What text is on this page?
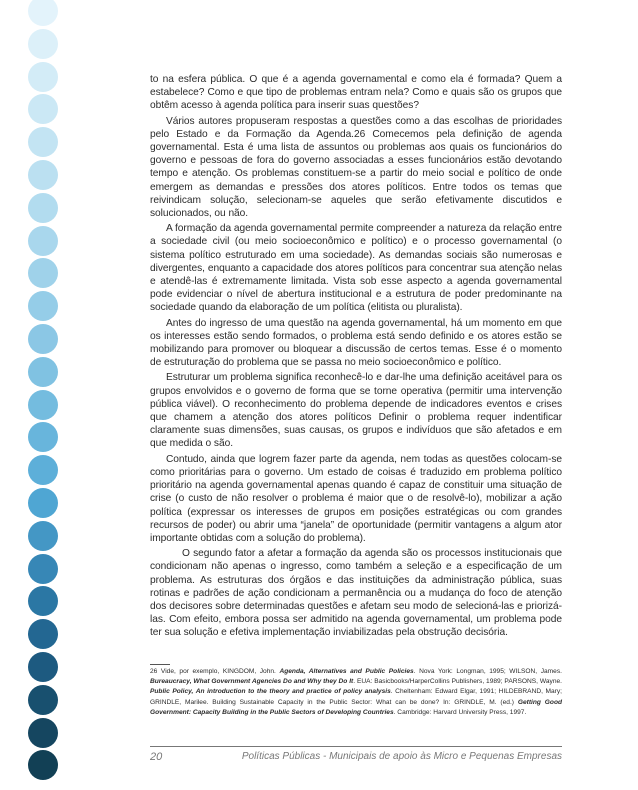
to na esfera pública. O que é a agenda governamental e como ela é formada? Quem a estabelece? Como e que tipo de problemas entram nela? Como e quais são os grupos que obtêm acesso à agenda política para inserir suas questões?

Vários autores propuseram respostas a questões como a das escolhas de prioridades pelo Estado e da Formação da Agenda.26 Comecemos pela definição de agenda governamental. Esta é uma lista de assuntos ou problemas aos quais os funcionários do governo e pessoas de fora do governo associadas a esses funcionários estão devotando tempo e atenção. Os problemas constituem-se a partir do meio social e político de onde emergem as demandas e pressões dos atores políticos. Entre todos os temas que reivindicam solução, selecionam-se aqueles que serão efetivamente discutidos e solucionados, ou não.

A formação da agenda governamental permite compreender a natureza da relação entre a sociedade civil (ou meio socioeconômico e político) e o processo governamental (o sistema político estruturado em uma sociedade). As demandas sociais são numerosas e divergentes, enquanto a capacidade dos atores políticos para concentrar sua atenção nelas e atendê-las é extremamente limitada. Vista sob esse aspecto a agenda governamental pode evidenciar o nível de abertura institucional e a estrutura de poder predominante na sociedade quando da elaboração de um política (elitista ou pluralista).

Antes do ingresso de uma questão na agenda governamental, há um momento em que os interesses estão sendo formados, o problema está sendo definido e os atores estão se mobilizando para promover ou bloquear a discussão de certos temas. Esse é o momento de estruturação do problema que se passa no meio socioeconômico e político.

Estruturar um problema significa reconhecê-lo e dar-lhe uma definição aceitável para os grupos envolvidos e o governo de forma que se torne operativa (permitir uma intervenção pública viável). O reconhecimento do problema depende de indicadores eventos e crises que chamem a atenção dos atores políticos Definir o problema requer indentificar claramente suas dimensões, suas causas, os grupos e indivíduos que são afetados e em que medida o são.

Contudo, ainda que logrem fazer parte da agenda, nem todas as questões colocam-se como prioritárias para o governo. Um estado de coisas é traduzido em problema político prioritário na agenda governamental apenas quando é capaz de constituir uma situação de crise (o custo de não resolver o problema é maior que o de resolvê-lo), mobilizar a ação política (expressar os interesses de grupos em posições estratégicas ou com grandes recursos de poder) ou abrir uma “janela” de oportunidade (permitir vantagens a algum ator importante obtidas com a solução do problema).

O segundo fator a afetar a formação da agenda são os processos institucionais que condicionam não apenas o ingresso, como também a seleção e a especificação de um problema. As estruturas dos órgãos e das instituições da administração pública, suas rotinas e padrões de ação condicionam a permanência ou a mudança do foco de atenção dos decisores sobre determinadas questões e afetam seu modo de selecioná-las e priorizá-las. Com efeito, embora possa ser admitido na agenda governamental, um problema pode ter sua solução e efetiva implementação inviabilizadas pela obstrução decisória.

26 Vide, por exemplo, KINGDOM, John. Agenda, Alternatives and Public Policies. Nova York: Longman, 1995; WILSON, James. Bureaucracy, What Government Agencies Do and Why they Do It. EUA: Basicbooks/HarperCollins Publishers, 1989; PARSONS, Wayne. Public Policy, An introduction to the theory and practice of policy analysis. Cheltenham: Edward Elgar, 1991; HILDEBRAND, Mary; GRINDLE, Marilee. Building Sustainable Capacity in the Public Sector: What can be done? In: GRINDLE, M. (ed.) Getting Good Government: Capacity Building in the Public Sectors of Developing Countries. Cambridge: Harvard University Press, 1997.

20	Políticas Públicas - Municipais de apoio às Micro e Pequenas Empresas
